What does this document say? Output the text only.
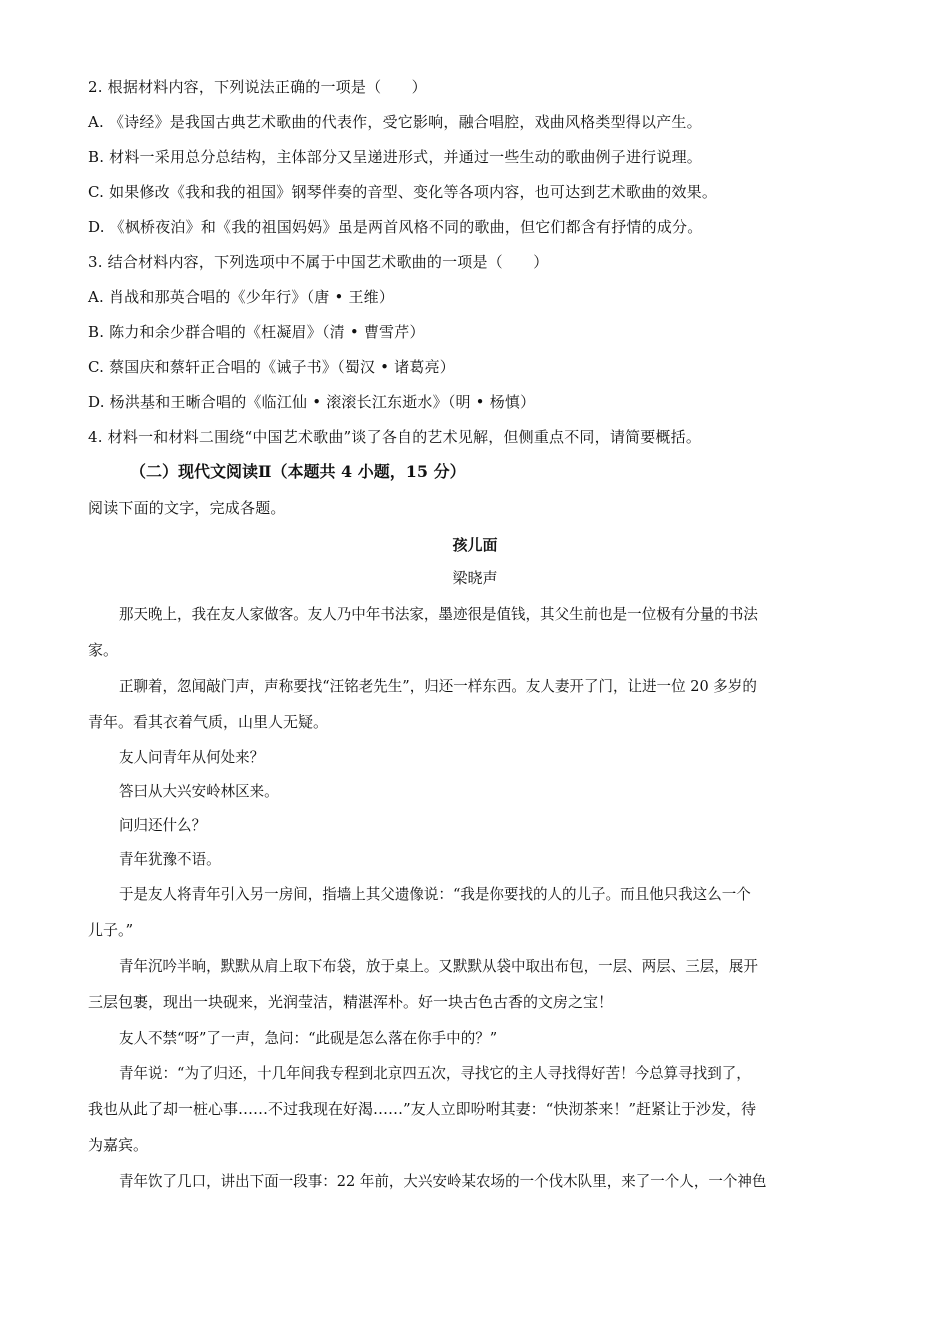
2. 根据材料内容，下列说法正确的一项是（　　）
A. 《诗经》是我国古典艺术歌曲的代表作，受它影响，融合唱腔，戏曲风格类型得以产生。
B. 材料一采用总分总结构，主体部分又呈递进形式，并通过一些生动的歌曲例子进行说理。
C. 如果修改《我和我的祖国》钢琴伴奏的音型、变化等各项内容，也可达到艺术歌曲的效果。
D. 《枫桥夜泊》和《我的祖国妈妈》虽是两首风格不同的歌曲，但它们都含有抒情的成分。
3. 结合材料内容，下列选项中不属于中国艺术歌曲的一项是（　　）
A. 肖战和那英合唱的《少年行》（唐 • 王维）
B. 陈力和余少群合唱的《枉凝眉》（清 • 曹雪芹）
C. 蔡国庆和蔡轩正合唱的《诫子书》（蜀汉 • 诸葛亮）
D. 杨洪基和王晰合唱的《临江仙 • 滚滚长江东逝水》（明 • 杨慎）
4. 材料一和材料二围绕“中国艺术歌曲”谈了各自的艺术见解，但侧重点不同，请简要概括。
（二）现代文阅读Ⅱ（本题共 4 小题，15 分）
阅读下面的文字，完成各题。
孩儿面
梁晓声
那天晚上，我在友人家做客。友人乃中年书法家，墨迹很是值钱，其父生前也是一位极有分量的书法
家。
正聊着，忽闻敲门声，声称要找“汪铭老先生”，归还一样东西。友人妻开了门，让进一位 20 多岁的
青年。看其衣着气质，山里人无疑。
友人问青年从何处来？
答曰从大兴安岭林区来。
问归还什么？
青年犹豫不语。
于是友人将青年引入另一房间，指墙上其父遗像说：“我是你要找的人的儿子。而且他只我这么一个
儿子。”
青年沉吟半晌，默默从肩上取下布袋，放于桌上。又默默从袋中取出布包，一层、两层、三层，展开
三层包裹，现出一块砚来，光润莹洁，精湛浑朴。好一块古色古香的文房之宝！
友人不禁“呀”了一声，急问：“此砚是怎么落在你手中的？”
青年说：“为了归还，十几年间我专程到北京四五次，寻找它的主人寻找得好苦！今总算寻找到了，
我也从此了却一桩心事……不过我现在好渴……”友人立即吩咐其妻：“快沏茶来！”赶紧让于沙发，待
为嘉宾。
青年饮了几口，讲出下面一段事：22 年前，大兴安岭某农场的一个伐木队里，来了一个人，一个神色
